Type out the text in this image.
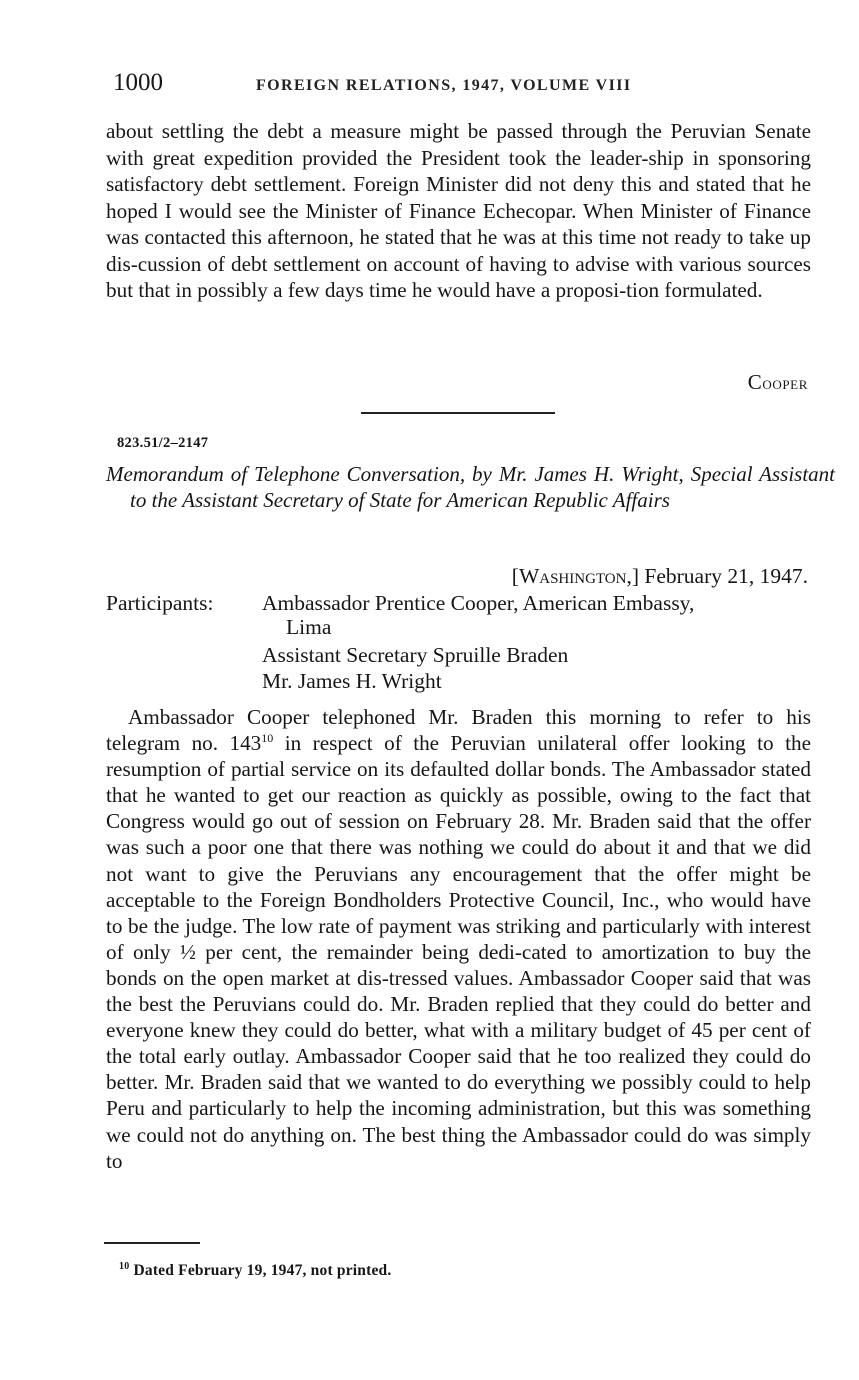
1000	FOREIGN RELATIONS, 1947, VOLUME VIII

about settling the debt a measure might be passed through the Peruvian Senate with great expedition provided the President took the leader-ship in sponsoring satisfactory debt settlement. Foreign Minister did not deny this and stated that he hoped I would see the Minister of Finance Echecopar. When Minister of Finance was contacted this afternoon, he stated that he was at this time not ready to take up dis-cussion of debt settlement on account of having to advise with various sources but that in possibly a few days time he would have a proposi-tion formulated.

Cooper
823.51/2–2147

Memorandum of Telephone Conversation, by Mr. James H. Wright, Special Assistant to the Assistant Secretary of State for American Republic Affairs

[Washington,] February 21, 1947.
Participants: Ambassador Prentice Cooper, American Embassy,
Lima
Assistant Secretary Spruille Braden
Mr. James H. Wright

Ambassador Cooper telephoned Mr. Braden this morning to refer to his telegram no. 143$^{10}$ in respect of the Peruvian unilateral offer looking to the resumption of partial service on its defaulted dollar bonds. The Ambassador stated that he wanted to get our reaction as quickly as possible, owing to the fact that Congress would go out of session on February 28. Mr. Braden said that the offer was such a poor one that there was nothing we could do about it and that we did not want to give the Peruvians any encouragement that the offer might be acceptable to the Foreign Bondholders Protective Council, Inc., who would have to be the judge. The low rate of payment was striking and particularly with interest of only ½ per cent, the remainder being dedi-cated to amortization to buy the bonds on the open market at dis-tressed values. Ambassador Cooper said that was the best the Peruvians could do. Mr. Braden replied that they could do better and everyone knew they could do better, what with a military budget of 45 per cent of the total early outlay. Ambassador Cooper said that he too realized they could do better. Mr. Braden said that we wanted to do everything we possibly could to help Peru and particularly to help the incoming administration, but this was something we could not do anything on. The best thing the Ambassador could do was simply to

$^{10}$ Dated February 19, 1947, not printed.
